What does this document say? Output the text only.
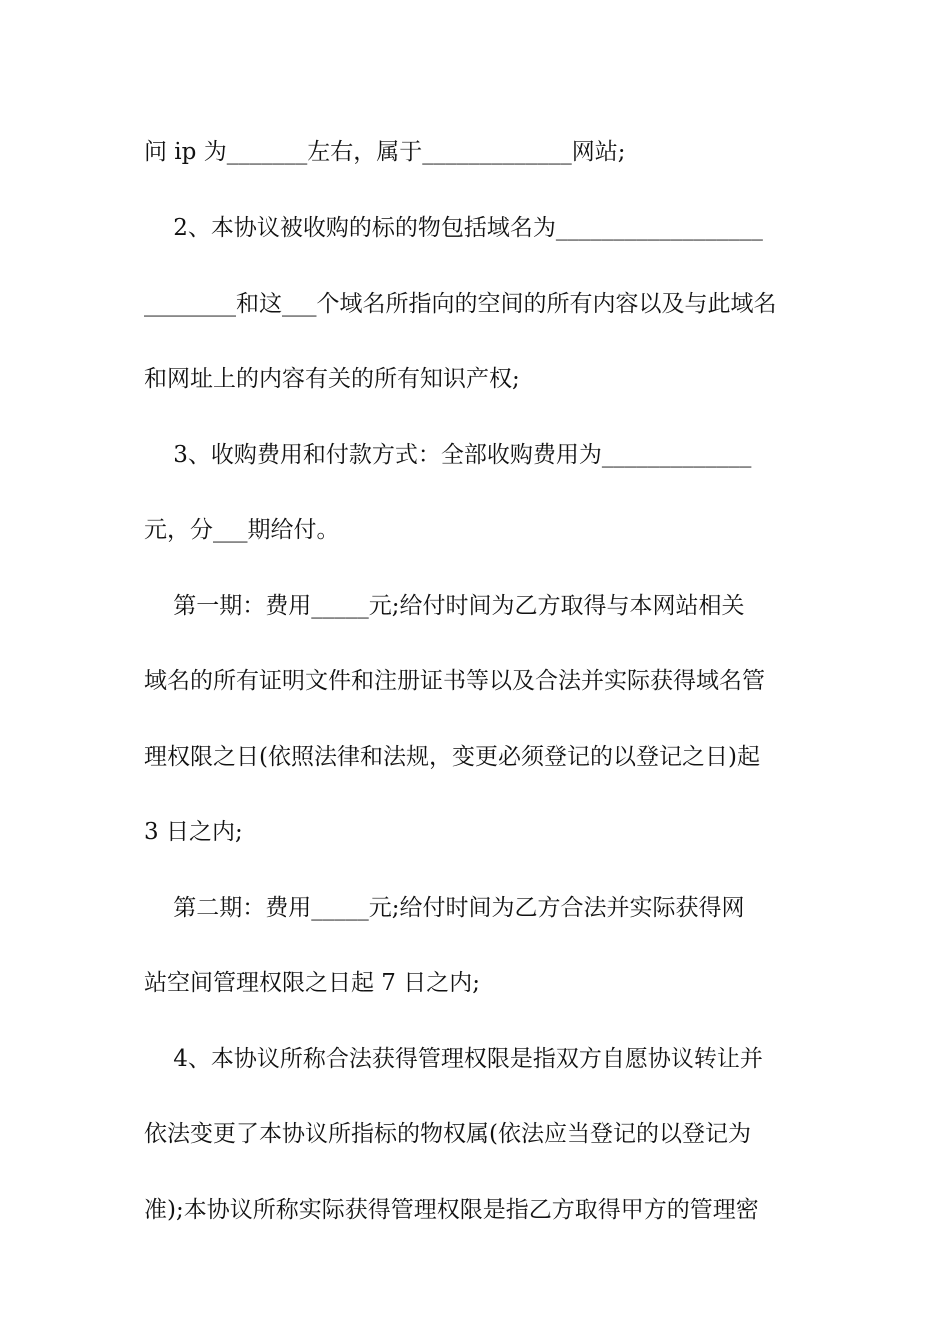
问 ip 为_______左右，属于_____________网站;

2、本协议被收购的标的物包括域名为__________________

________和这___个域名所指向的空间的所有内容以及与此域名

和网址上的内容有关的所有知识产权;

3、收购费用和付款方式：全部收购费用为_____________

元，分___期给付。

第一期：费用_____元;给付时间为乙方取得与本网站相关

域名的所有证明文件和注册证书等以及合法并实际获得域名管

理权限之日(依照法律和法规，变更必须登记的以登记之日)起

3 日之内;

第二期：费用_____元;给付时间为乙方合法并实际获得网

站空间管理权限之日起 7 日之内;

4、本协议所称合法获得管理权限是指双方自愿协议转让并

依法变更了本协议所指标的物权属(依法应当登记的以登记为

准);本协议所称实际获得管理权限是指乙方取得甲方的管理密
